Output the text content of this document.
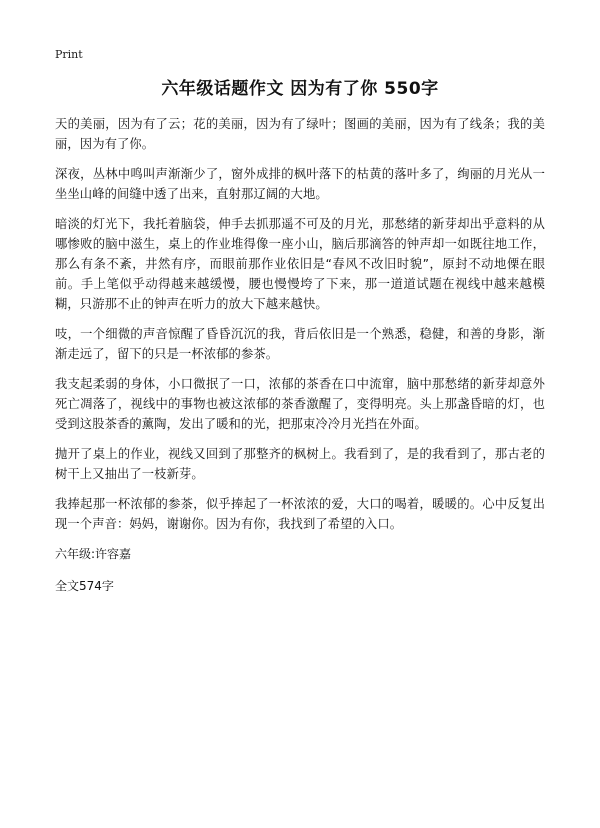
Print
六年级话题作文 因为有了你 550字

天的美丽，因为有了云；花的美丽，因为有了绿叶；图画的美丽，因为有了线条；我的美丽，因为有了你。

深夜，丛林中鸣叫声渐渐少了，窗外成排的枫叶落下的枯黄的落叶多了，绚丽的月光从一坐坐山峰的间缝中透了出来，直射那辽阔的大地。

暗淡的灯光下，我托着脑袋，伸手去抓那遥不可及的月光，那愁绪的新芽却出乎意料的从哪惨败的脑中滋生，桌上的作业堆得像一座小山，脑后那滴答的钟声却一如既往地工作，那么有条不紊，井然有序，而眼前那作业依旧是“春风不改旧时貌”，原封不动地傈在眼前。手上笔似乎动得越来越缓慢，腰也慢慢垮了下来，那一道道试题在视线中越来越模糊，只游那不止的钟声在听力的放大下越来越快。

吱，一个细微的声音惊醒了昏昏沉沉的我，背后依旧是一个熟悉，稳健，和善的身影，渐渐走远了，留下的只是一杯浓郁的参茶。

我支起柔弱的身体，小口微抿了一口，浓郁的茶香在口中流窜，脑中那愁绪的新芽却意外死亡凋落了，视线中的事物也被这浓郁的茶香激醒了，变得明亮。头上那盏昏暗的灯，也受到这股茶香的薰陶，发出了暖和的光，把那束冷冷月光挡在外面。

抛开了桌上的作业，视线又回到了那整齐的枫树上。我看到了，是的我看到了，那古老的树干上又抽出了一枝新芽。

我捧起那一杯浓郁的参茶，似乎捧起了一杯浓浓的爱，大口的喝着，暖暖的。心中反复出现一个声音：妈妈，谢谢你。因为有你，我找到了希望的入口。

六年级:许容嘉
全文574字
